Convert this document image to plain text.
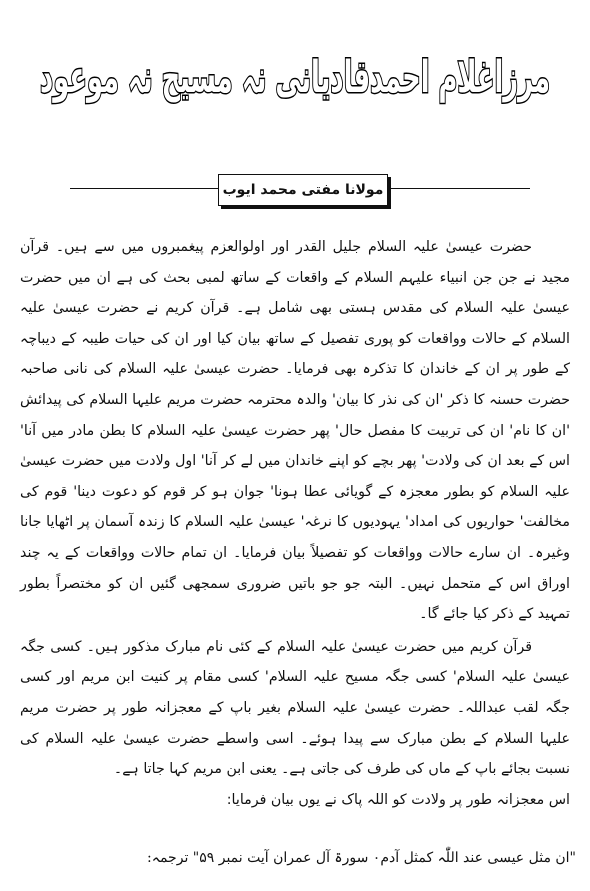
مرزاغلام احمدقادیانی نہ مسیح نہ موعود
مولانا مفتی محمد ایوب

حضرت عیسیٰ علیہ السلام جلیل القدر اور اولوالعزم پیغمبروں میں سے ہیں۔ قرآن مجید نے جن جن انبیاء علیہم السلام کے واقعات کے ساتھ لمبی بحث کی ہے ان میں حضرت عیسیٰ علیہ السلام کی مقدس ہستی بھی شامل ہے۔ قرآن کریم نے حضرت عیسیٰ علیہ السلام کے حالات وواقعات کو پوری تفصیل کے ساتھ بیان کیا اور ان کی حیات طیبہ کے دیباچہ کے طور پر ان کے خاندان کا تذکرہ بھی فرمایا۔ حضرت عیسیٰ علیہ السلام کی نانی صاحبہ حضرت حسنہ کا ذکر 'ان کی نذر کا بیان' والدہ محترمہ حضرت مریم علیہا السلام کی پیدائش 'ان کا نام' ان کی تربیت کا مفصل حال' پھر حضرت عیسیٰ علیہ السلام کا بطن مادر میں آنا' اس کے بعد ان کی ولادت' پھر بچے کو اپنے خاندان میں لے کر آنا' اول ولادت میں حضرت عیسیٰ علیہ السلام کو بطور معجزہ کے گویائی عطا ہونا' جوان ہو کر قوم کو دعوت دینا' قوم کی مخالفت' حواریوں کی امداد' یہودیوں کا نرغہ' عیسیٰ علیہ السلام کا زندہ آسمان پر اٹھایا جانا وغیرہ۔ ان سارے حالات وواقعات کو تفصیلاً بیان فرمایا۔ ان تمام حالات وواقعات کے یہ چند اوراق اس کے متحمل نہیں۔ البتہ جو جو باتیں ضروری سمجھی گئیں ان کو مختصراً بطور تمہید کے ذکر کیا جائے گا۔

قرآن کریم میں حضرت عیسیٰ علیہ السلام کے کئی نام مبارک مذکور ہیں۔ کسی جگہ عیسیٰ علیہ السلام' کسی جگہ مسیح علیہ السلام' کسی مقام پر کنیت ابن مریم اور کسی جگہ لقب عبداللہ۔ حضرت عیسیٰ علیہ السلام بغیر باپ کے معجزانہ طور پر حضرت مریم علیہا السلام کے بطن مبارک سے پیدا ہوئے۔ اسی واسطے حضرت عیسیٰ علیہ السلام کی نسبت بجائے باپ کے ماں کی طرف کی جاتی ہے۔ یعنی ابن مریم کہا جاتا ہے۔

اس معجزانہ طور پر ولادت کو اللہ پاک نے یوں بیان فرمایا:

"ان مثل عیسی عند اللّٰہ کمثل آدم۰ سورۃ آل عمران آیت نمبر ۵۹" ترجمہ:
